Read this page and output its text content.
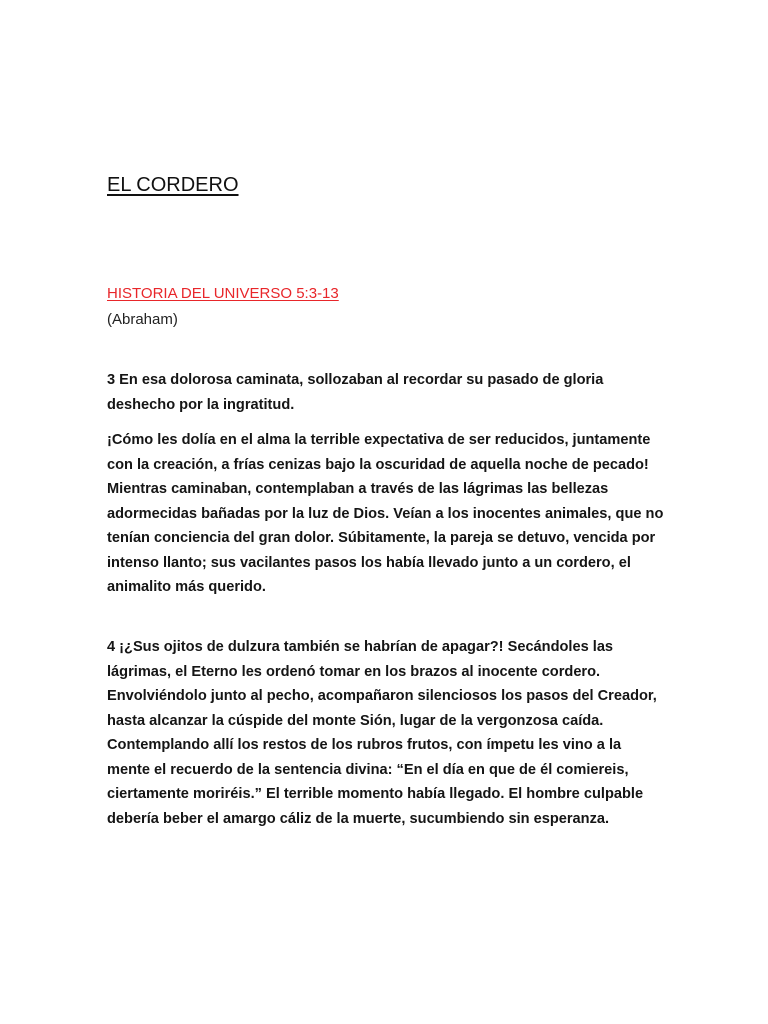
EL CORDERO

HISTORIA DEL UNIVERSO 5:3-13

(Abraham)

3 En esa dolorosa caminata, sollozaban al recordar su pasado de gloria deshecho por la ingratitud.

¡Cómo les dolía en el alma la terrible expectativa de ser reducidos, juntamente con la creación, a frías cenizas bajo la oscuridad de aquella noche de pecado! Mientras caminaban, contemplaban a través de las lágrimas las bellezas adormecidas bañadas por la luz de Dios. Veían a los inocentes animales, que no tenían conciencia del gran dolor. Súbitamente, la pareja se detuvo, vencida por intenso llanto; sus vacilantes pasos los había llevado junto a un cordero, el animalito más querido.

4 ¡¿Sus ojitos de dulzura también se habrían de apagar?! Secándoles las lágrimas, el Eterno les ordenó tomar en los brazos al inocente cordero. Envolviéndolo junto al pecho, acompañaron silenciosos los pasos del Creador, hasta alcanzar la cúspide del monte Sión, lugar de la vergonzosa caída. Contemplando allí los restos de los rubros frutos, con ímpetu les vino a la mente el recuerdo de la sentencia divina: “En el día en que de él comiereis, ciertamente moriréis.” El terrible momento había llegado. El hombre culpable debería beber el amargo cáliz de la muerte, sucumbiendo sin esperanza.
